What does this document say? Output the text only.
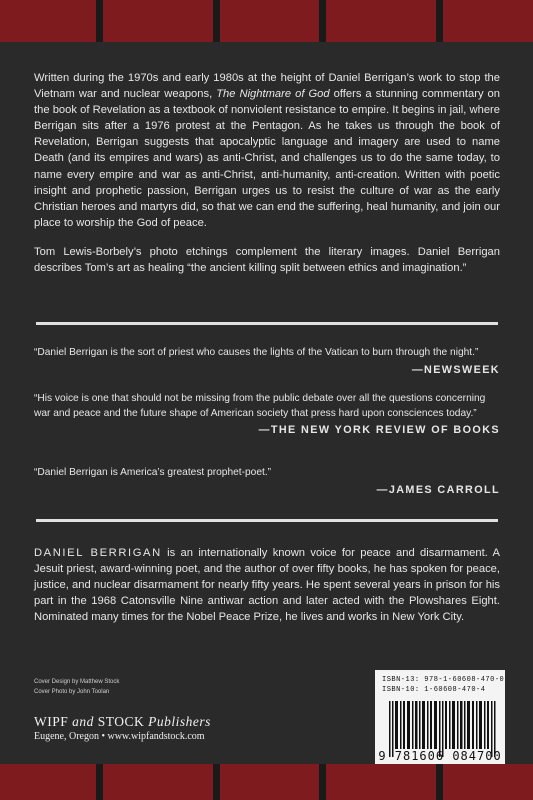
Written during the 1970s and early 1980s at the height of Daniel Berrigan’s work to stop the Vietnam war and nuclear weapons, The Nightmare of God offers a stunning commentary on the book of Revelation as a textbook of nonviolent resistance to empire. It begins in jail, where Berrigan sits after a 1976 protest at the Pentagon. As he takes us through the book of Revelation, Berrigan suggests that apocalyptic language and imagery are used to name Death (and its empires and wars) as anti-Christ, and challenges us to do the same today, to name every empire and war as anti-Christ, anti-humanity, anti-creation. Written with poetic insight and prophetic passion, Berrigan urges us to resist the culture of war as the early Christian heroes and martyrs did, so that we can end the suffering, heal humanity, and join our place to worship the God of peace.

Tom Lewis-Borbely’s photo etchings complement the literary images. Daniel Berrigan describes Tom’s art as healing “the ancient killing split between ethics and imagination.”

“Daniel Berrigan is the sort of priest who causes the lights of the Vatican to burn through the night.”

—NEWSWEEK

“His voice is one that should not be missing from the public debate over all the questions concerning war and peace and the future shape of American society that press hard upon consciences today.”

—THE NEW YORK REVIEW OF BOOKS

“Daniel Berrigan is America’s greatest prophet-poet.”

—JAMES CARROLL
DANIEL BERRIGAN is an internationally known voice for peace and disarmament. A Jesuit priest, award-winning poet, and the author of over fifty books, he has spoken for peace, justice, and nuclear disarmament for nearly fifty years. He spent several years in prison for his part in the 1968 Catonsville Nine antiwar action and later acted with the Plowshares Eight. Nominated many times for the Nobel Peace Prize, he lives and works in New York City.
Cover Design by Matthew Stock
Cover Photo by John Toolan
WIPF and STOCK Publishers
Eugene, Oregon • www.wipfandstock.com
ISBN-13: 978-1-60608-470-0
ISBN-10: 1-60608-470-4
9 781606 084700
